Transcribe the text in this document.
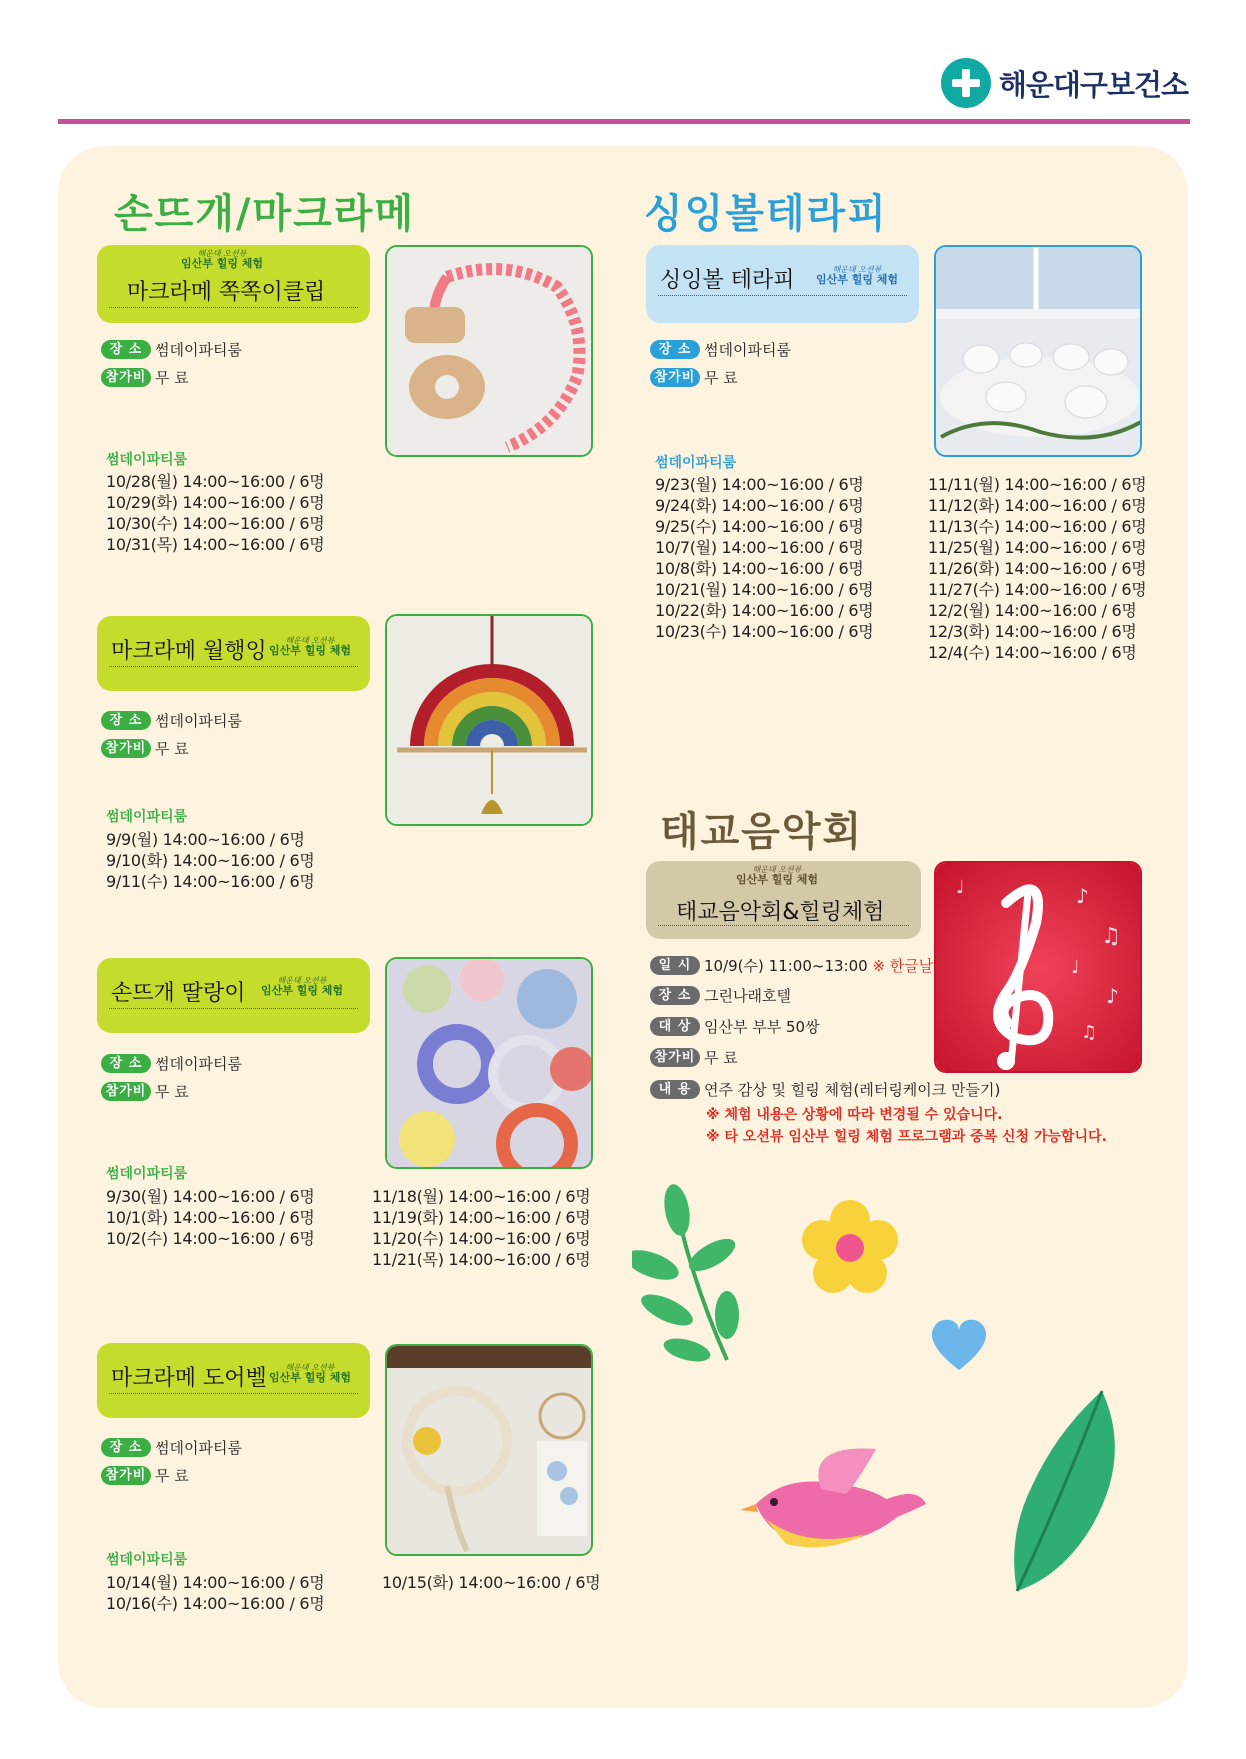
해운대구보건소
손뜨개/마크라메	싱잉볼테라피
태교음악회
해운대 오션뷰
임산부 힐링 체험
마크라메 쪽쪽이클립
장 소 썸데이파티룸
참가비 무 료
썸데이파티룸
10/28(월) 14:00~16:00 / 6명
10/29(화) 14:00~16:00 / 6명
10/30(수) 14:00~16:00 / 6명
10/31(목) 14:00~16:00 / 6명
마크라메 월행잉	해운대 오션뷰
임산부 힐링 체험
장 소 썸데이파티룸
참가비 무 료
썸데이파티룸
9/9(월) 14:00~16:00 / 6명
9/10(화) 14:00~16:00 / 6명
9/11(수) 14:00~16:00 / 6명
손뜨개 딸랑이
해운대 오션뷰
임산부 힐링 체험
장 소 썸데이파티룸
참가비 무 료
썸데이파티룸
9/30(월) 14:00~16:00 / 6명
10/1(화) 14:00~16:00 / 6명
10/2(수) 14:00~16:00 / 6명
11/18(월) 14:00~16:00 / 6명
11/19(화) 14:00~16:00 / 6명
11/20(수) 14:00~16:00 / 6명
11/21(목) 14:00~16:00 / 6명
마크라메 도어벨	해운대 오션뷰
임산부 힐링 체험
장 소 썸데이파티룸
참가비 무 료
썸데이파티룸
10/14(월) 14:00~16:00 / 6명
10/16(수) 14:00~16:00 / 6명
10/15(화) 14:00~16:00 / 6명
싱잉볼 테라피	해운대 오션뷰
임산부 힐링 체험
장 소 썸데이파티룸
참가비 무 료
썸데이파티룸
9/23(월) 14:00~16:00 / 6명
9/24(화) 14:00~16:00 / 6명
9/25(수) 14:00~16:00 / 6명
10/7(월) 14:00~16:00 / 6명
10/8(화) 14:00~16:00 / 6명
10/21(월) 14:00~16:00 / 6명
10/22(화) 14:00~16:00 / 6명
10/23(수) 14:00~16:00 / 6명
11/11(월) 14:00~16:00 / 6명
11/12(화) 14:00~16:00 / 6명
11/13(수) 14:00~16:00 / 6명
11/25(월) 14:00~16:00 / 6명
11/26(화) 14:00~16:00 / 6명
11/27(수) 14:00~16:00 / 6명
12/2(월) 14:00~16:00 / 6명
12/3(화) 14:00~16:00 / 6명
12/4(수) 14:00~16:00 / 6명
해운대 오션뷰
임산부 힐링 체험
태교음악회&힐링체험
♪
♫
♩
♪
♫
♩
일 시 10/9(수) 11:00~13:00
※ 한글날
장 소 그린나래호텔
대 상 임산부 부부 50쌍
참가비 무 료
내 용 연주 감상 및 힐링 체험(레터링케이크 만들기)
※ 체험 내용은 상황에 따라 변경될 수 있습니다.
※ 타 오션뷰 임산부 힐링 체험 프로그램과 중복 신청 가능합니다.
